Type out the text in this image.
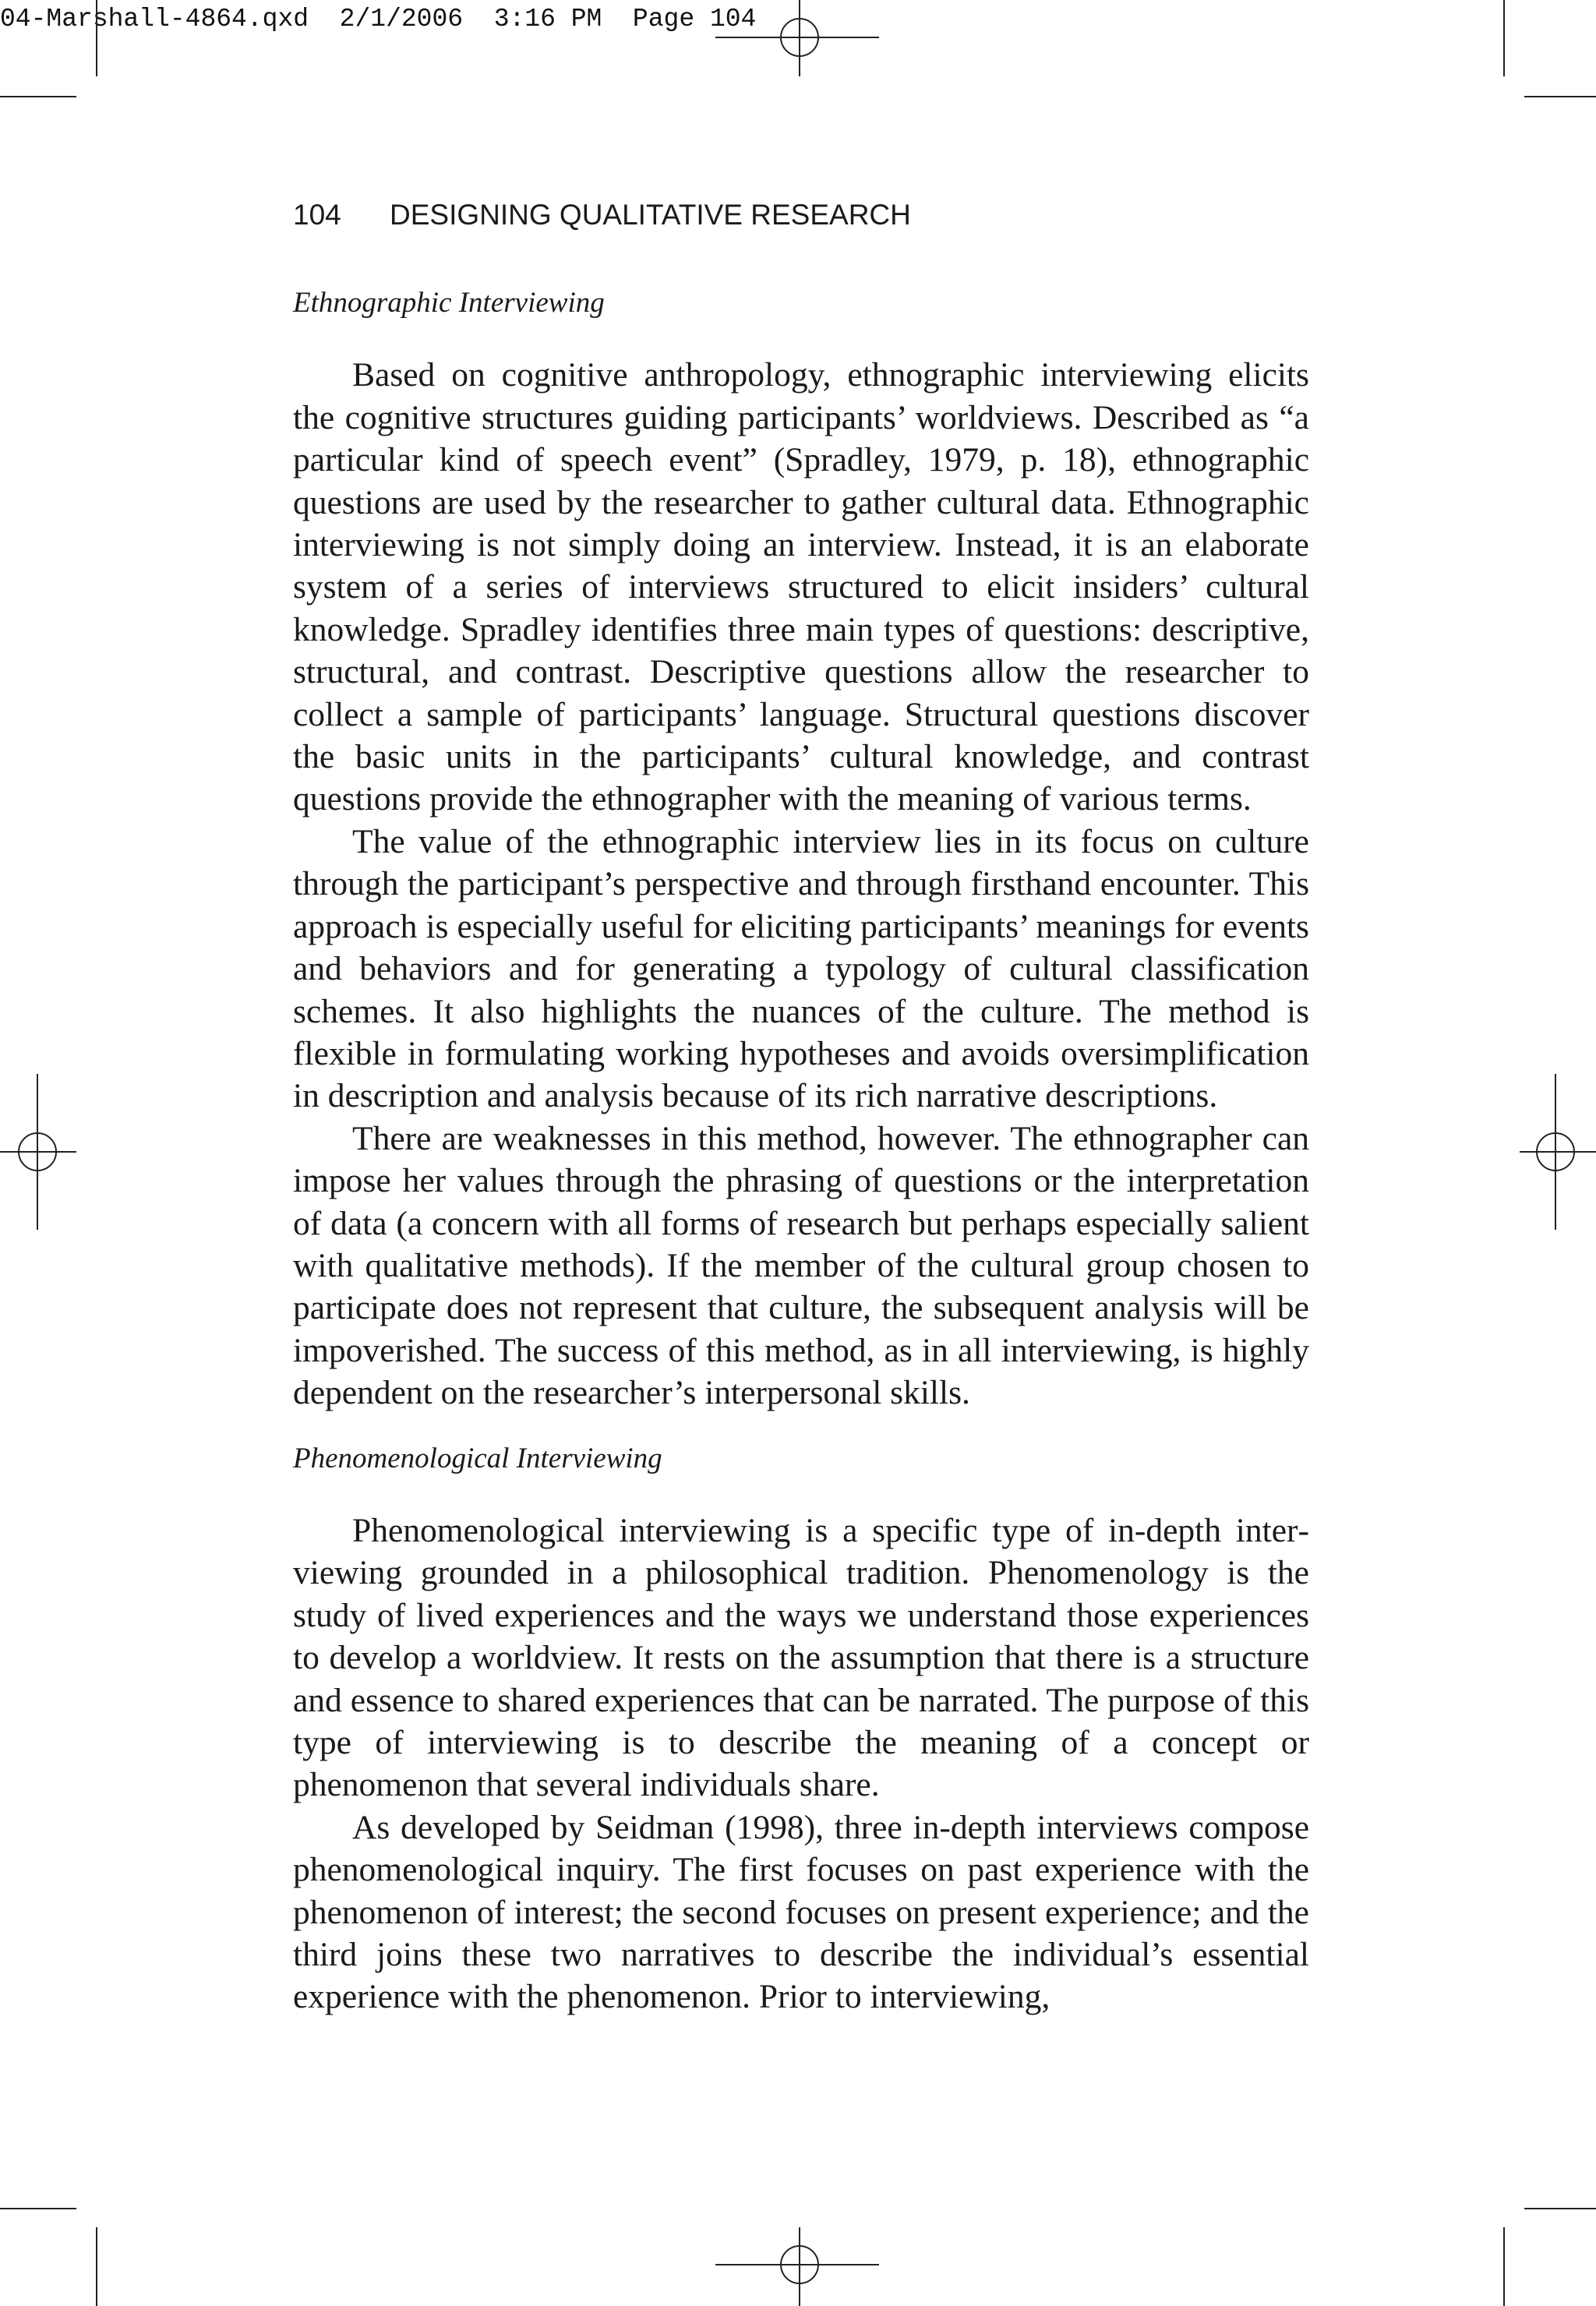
04-Marshall-4864.qxd  2/1/2006  3:16 PM  Page 104
104 DESIGNING QUALITATIVE RESEARCH
Ethnographic Interviewing

Based on cognitive anthropology, ethnographic interviewing elicits the cognitive structures guiding participants’ worldviews. Described as “a particular kind of speech event” (Spradley, 1979, p. 18), ethnographic questions are used by the researcher to gather cultural data. Ethnographic interviewing is not simply doing an interview. Instead, it is an elaborate system of a series of interviews structured to elicit insiders’ cultural knowledge. Spradley identifies three main types of questions: descriptive, structural, and contrast. Descriptive questions allow the researcher to collect a sample of participants’ language. Structural questions discover the basic units in the participants’ cultural knowledge, and contrast questions provide the ethnographer with the meaning of various terms.

The value of the ethnographic interview lies in its focus on culture through the participant’s perspective and through firsthand encounter. This approach is especially useful for eliciting participants’ meanings for events and behaviors and for generating a typology of cultural classification schemes. It also highlights the nuances of the culture. The method is flexible in formulating working hypotheses and avoids oversimplification in description and analysis because of its rich narrative descriptions.

There are weaknesses in this method, however. The ethnographer can impose her values through the phrasing of questions or the interpretation of data (a concern with all forms of research but perhaps especially salient with qualitative methods). If the member of the cultural group chosen to participate does not represent that culture, the subsequent analysis will be impoverished. The success of this method, as in all interviewing, is highly dependent on the researcher’s interpersonal skills.

Phenomenological Interviewing

Phenomenological interviewing is a specific type of in-depth interviewing grounded in a philosophical tradition. Phenomenology is the study of lived experiences and the ways we understand those experiences to develop a worldview. It rests on the assumption that there is a structure and essence to shared experiences that can be narrated. The purpose of this type of interviewing is to describe the meaning of a concept or phenomenon that several individuals share.

As developed by Seidman (1998), three in-depth interviews compose phenomenological inquiry. The first focuses on past experience with the phenomenon of interest; the second focuses on present experience; and the third joins these two narratives to describe the individual’s essential experience with the phenomenon. Prior to interviewing,
